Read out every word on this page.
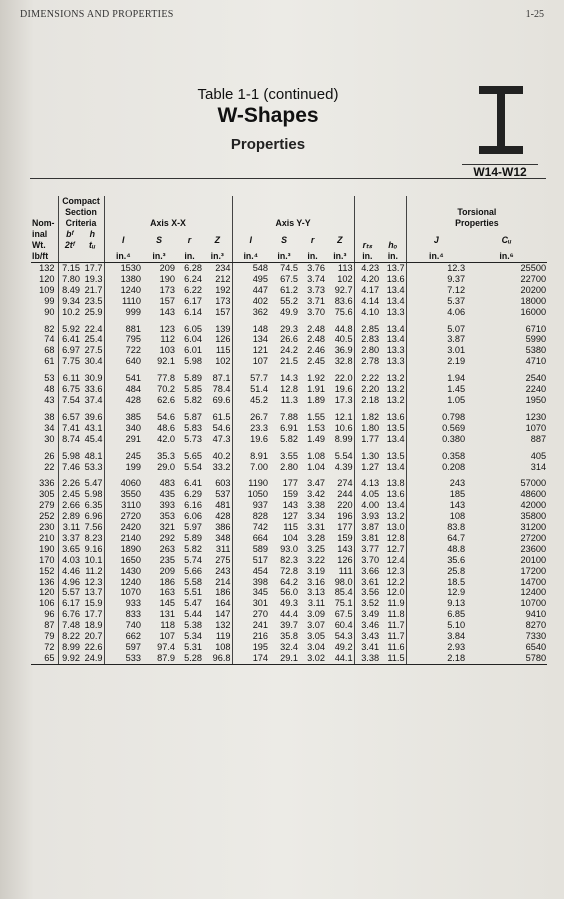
DIMENSIONS AND PROPERTIES	1-25
Table 1-1 (continued)
W-Shapes
Properties
W14-W12
Nom-
inal
Wt.	Compact
Section
Criteria		Axis X-X				Axis Y-Y				rₜₛ	hₒ	Torsional
Properties	
	bᶠ
2tᶠ	h
tᵤ	I	S	r	Z	I	S	r	Z			J	Cᵤ
lb/ft			in.⁴	in.³	in.	in.³	in.⁴	in.³	in.	in.³	in.	in.	in.⁴	in.⁶
132	7.15	17.7	1530	209	6.28	234	548	74.5	3.76	113	4.23	13.7	12.3	25500
120	7.80	19.3	1380	190	6.24	212	495	67.5	3.74	102	4.20	13.6	9.37	22700
109	8.49	21.7	1240	173	6.22	192	447	61.2	3.73	92.7	4.17	13.4	7.12	20200
99	9.34	23.5	1110	157	6.17	173	402	55.2	3.71	83.6	4.14	13.4	5.37	18000
90	10.2	25.9	999	143	6.14	157	362	49.9	3.70	75.6	4.10	13.3	4.06	16000

82	5.92	22.4	881	123	6.05	139	148	29.3	2.48	44.8	2.85	13.4	5.07	6710
74	6.41	25.4	795	112	6.04	126	134	26.6	2.48	40.5	2.83	13.4	3.87	5990
68	6.97	27.5	722	103	6.01	115	121	24.2	2.46	36.9	2.80	13.3	3.01	5380
61	7.75	30.4	640	92.1	5.98	102	107	21.5	2.45	32.8	2.78	13.3	2.19	4710

53	6.11	30.9	541	77.8	5.89	87.1	57.7	14.3	1.92	22.0	2.22	13.2	1.94	2540
48	6.75	33.6	484	70.2	5.85	78.4	51.4	12.8	1.91	19.6	2.20	13.2	1.45	2240
43	7.54	37.4	428	62.6	5.82	69.6	45.2	11.3	1.89	17.3	2.18	13.2	1.05	1950

38	6.57	39.6	385	54.6	5.87	61.5	26.7	7.88	1.55	12.1	1.82	13.6	0.798	1230
34	7.41	43.1	340	48.6	5.83	54.6	23.3	6.91	1.53	10.6	1.80	13.5	0.569	1070
30	8.74	45.4	291	42.0	5.73	47.3	19.6	5.82	1.49	8.99	1.77	13.4	0.380	887

26	5.98	48.1	245	35.3	5.65	40.2	8.91	3.55	1.08	5.54	1.30	13.5	0.358	405
22	7.46	53.3	199	29.0	5.54	33.2	7.00	2.80	1.04	4.39	1.27	13.4	0.208	314

336	2.26	5.47	4060	483	6.41	603	1190	177	3.47	274	4.13	13.8	243	57000
305	2.45	5.98	3550	435	6.29	537	1050	159	3.42	244	4.05	13.6	185	48600
279	2.66	6.35	3110	393	6.16	481	937	143	3.38	220	4.00	13.4	143	42000
252	2.89	6.96	2720	353	6.06	428	828	127	3.34	196	3.93	13.2	108	35800
230	3.11	7.56	2420	321	5.97	386	742	115	3.31	177	3.87	13.0	83.8	31200
210	3.37	8.23	2140	292	5.89	348	664	104	3.28	159	3.81	12.8	64.7	27200
190	3.65	9.16	1890	263	5.82	311	589	93.0	3.25	143	3.77	12.7	48.8	23600
170	4.03	10.1	1650	235	5.74	275	517	82.3	3.22	126	3.70	12.4	35.6	20100
152	4.46	11.2	1430	209	5.66	243	454	72.8	3.19	111	3.66	12.3	25.8	17200
136	4.96	12.3	1240	186	5.58	214	398	64.2	3.16	98.0	3.61	12.2	18.5	14700
120	5.57	13.7	1070	163	5.51	186	345	56.0	3.13	85.4	3.56	12.0	12.9	12400
106	6.17	15.9	933	145	5.47	164	301	49.3	3.11	75.1	3.52	11.9	9.13	10700
96	6.76	17.7	833	131	5.44	147	270	44.4	3.09	67.5	3.49	11.8	6.85	9410
87	7.48	18.9	740	118	5.38	132	241	39.7	3.07	60.4	3.46	11.7	5.10	8270
79	8.22	20.7	662	107	5.34	119	216	35.8	3.05	54.3	3.43	11.7	3.84	7330
72	8.99	22.6	597	97.4	5.31	108	195	32.4	3.04	49.2	3.41	11.6	2.93	6540
65	9.92	24.9	533	87.9	5.28	96.8	174	29.1	3.02	44.1	3.38	11.5	2.18	5780
